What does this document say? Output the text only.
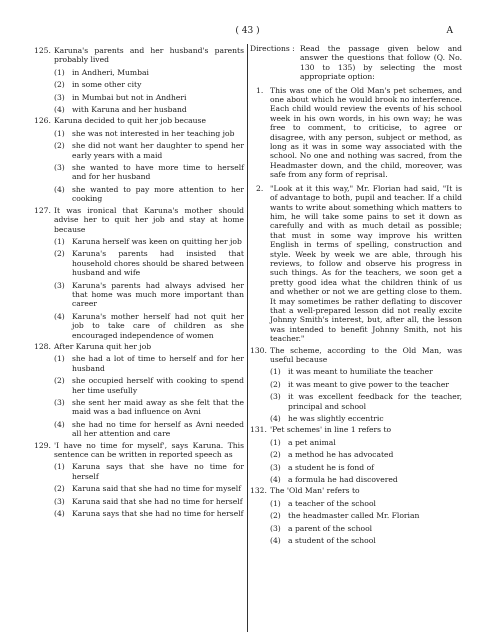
( 43 )	A
125. Karuna's parents and her husband's parents probably lived
(1) in Andheri, Mumbai
(2) in some other city
(3) in Mumbai but not in Andheri
(4) with Karuna and her husband
126. Karuna decided to quit her job because
(1) she was not interested in her teaching job
(2) she did not want her daughter to spend her early years with a maid
(3) she wanted to have more time to herself and for her husband
(4) she wanted to pay more attention to her cooking
127. It was ironical that Karuna's mother should advise her to quit her job and stay at home because
(1) Karuna herself was keen on quitting her job
(2) Karuna's parents had insisted that household chores should be shared between husband and wife
(3) Karuna's parents had always advised her that home was much more important than career
(4) Karuna's mother herself had not quit her job to take care of children as she encouraged independence of women
128. After Karuna quit her job
(1) she had a lot of time to herself and for her husband
(2) she occupied herself with cooking to spend her time usefully
(3) she sent her maid away as she felt that the maid was a bad influence on Avni
(4) she had no time for herself as Avni needed all her attention and care
129. 'I have no time for myself', says Karuna. This sentence can be written in reported speech as
(1) Karuna says that she have no time for herself
(2) Karuna said that she had no time for myself
(3) Karuna said that she had no time for herself
(4) Karuna says that she had no time for herself
Directions : Read the passage given below and answer the questions that follow (Q. No. 130 to 135) by selecting the most appropriate option:
1. This was one of the Old Man's pet schemes, and one about which he would brook no interference. Each child would review the events of his school week in his own words, in his own way; he was free to comment, to criticise, to agree or disagree, with any person, subject or method, as long as it was in some way associated with the school. No one and nothing was sacred, from the Headmaster down, and the child, moreover, was safe from any form of reprisal.
2. "Look at it this way," Mr. Florian had said, "It is of advantage to both, pupil and teacher. If a child wants to write about something which matters to him, he will take some pains to set it down as carefully and with as much detail as possible; that must in some way improve his written English in terms of spelling, construction and style. Week by week we are able, through his reviews, to follow and observe his progress in such things. As for the teachers, we soon get a pretty good idea what the children think of us and whether or not we are getting close to them. It may sometimes be rather deflating to discover that a well-prepared lesson did not really excite Johnny Smith's interest, but, after all, the lesson was intended to benefit Johnny Smith, not his teacher."
130. The scheme, according to the Old Man, was useful because
(1) it was meant to humiliate the teacher
(2) it was meant to give power to the teacher
(3) it was excellent feedback for the teacher, principal and school
(4) he was slightly eccentric
131. 'Pet schemes' in line 1 refers to
(1) a pet animal
(2) a method he has advocated
(3) a student he is fond of
(4) a formula he had discovered
132. The 'Old Man' refers to
(1) a teacher of the school
(2) the headmaster called Mr. Florian
(3) a parent of the school
(4) a student of the school
